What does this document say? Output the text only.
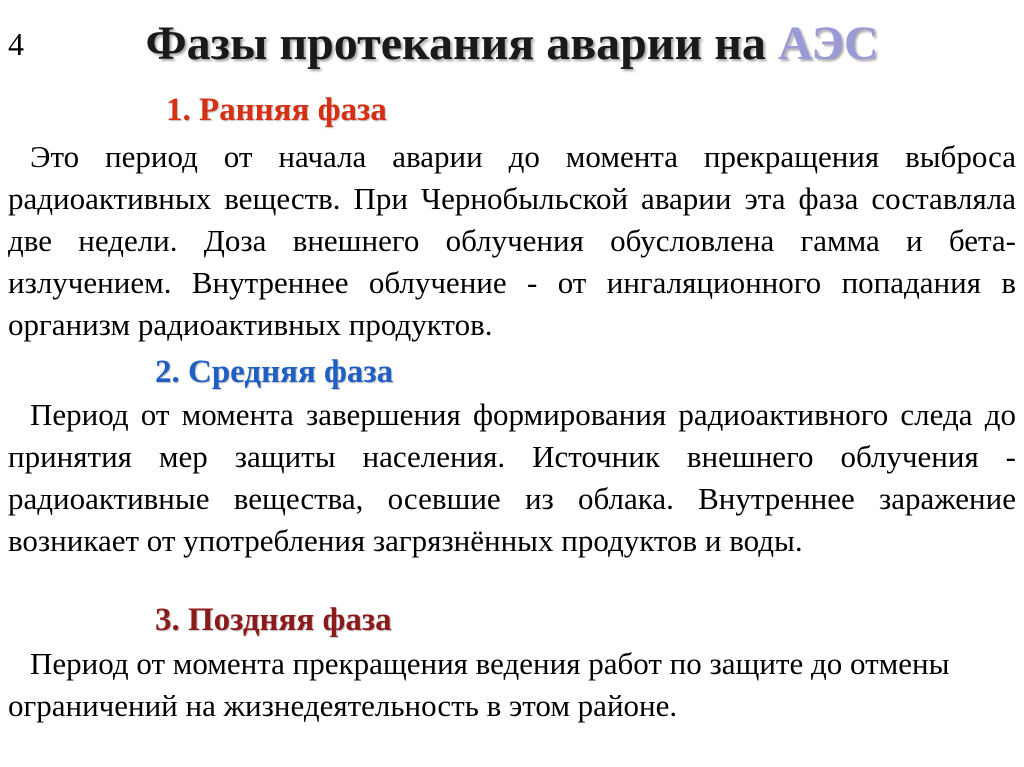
4	Фазы протекания аварии на АЭС
1. Ранняя фаза

Это период от начала аварии до момента прекращения выброса радиоактивных веществ. При Чернобыльской аварии эта фаза составляла две недели. Доза внешнего облучения обусловлена гамма и бета- излучением. Внутреннее облучение - от ингаляционного попадания в организм радиоактивных продуктов.

2. Средняя фаза

Период от момента завершения формирования радиоактивного следа до принятия мер защиты населения. Источник внешнего облучения - радиоактивные вещества, осевшие из облака. Внутреннее заражение возникает от употребления загрязнённых продуктов и воды.

3. Поздняя фаза

Период от момента прекращения ведения работ по защите до отмены ограничений на жизнедеятельность в этом районе.
